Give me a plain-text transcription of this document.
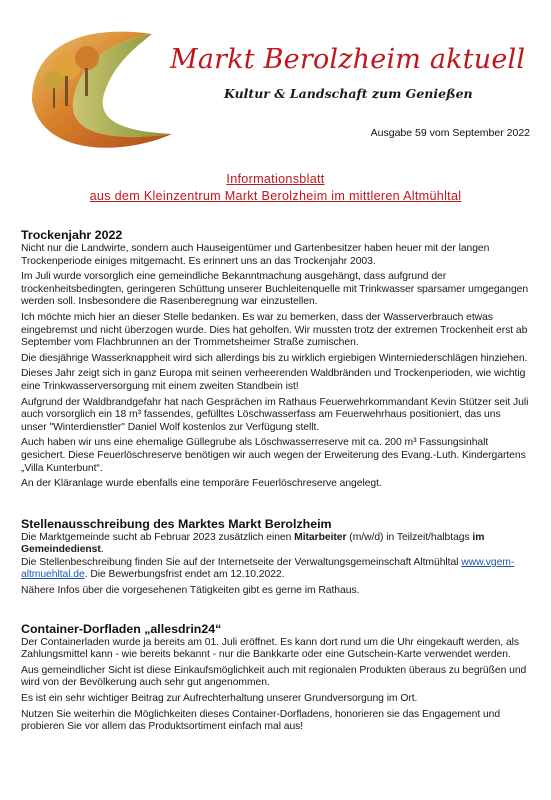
Markt Berolzheim aktuell
Kultur & Landschaft zum Genießen
Ausgabe 59 vom September 2022
Informationsblatt
aus dem Kleinzentrum Markt Berolzheim im mittleren Altmühltal
Trockenjahr 2022

Nicht nur die Landwirte, sondern auch Hauseigentümer und Gartenbesitzer haben heuer mit der langen Trockenperiode einiges mitgemacht. Es erinnert uns an das Trockenjahr 2003.

Im Juli wurde vorsorglich eine gemeindliche Bekanntmachung ausgehängt, dass aufgrund der trockenheitsbedingten, geringeren Schüttung unserer Buchleitenquelle mit Trinkwasser sparsamer umgegangen werden soll. Insbesondere die Rasenberegnung war einzustellen.

Ich möchte mich hier an dieser Stelle bedanken. Es war zu bemerken, dass der Wasserverbrauch etwas eingebremst und nicht überzogen wurde. Dies hat geholfen. Wir mussten trotz der extremen Trockenheit erst ab September vom Flachbrunnen an der Trommetsheimer Straße zumischen.

Die diesjährige Wasserknappheit wird sich allerdings bis zu wirklich ergiebigen Winterniederschlägen hinziehen.

Dieses Jahr zeigt sich in ganz Europa mit seinen verheerenden Waldbränden und Trockenperioden, wie wichtig eine Trinkwasserversorgung mit einem zweiten Standbein ist!

Aufgrund der Waldbrandgefahr hat nach Gesprächen im Rathaus Feuerwehrkommandant Kevin Stützer seit Juli auch vorsorglich ein 18 m³ fassendes, gefülltes Löschwasserfass am Feuerwehrhaus positioniert, das uns unser "Winterdienstler" Daniel Wolf kostenlos zur Verfügung stellt.

Auch haben wir uns eine ehemalige Güllegrube als Löschwasserreserve mit ca. 200 m³ Fassungsinhalt gesichert. Diese Feuerlöschreserve benötigen wir auch wegen der Erweiterung des Evang.-Luth. Kindergartens „Villa Kunterbunt“.

An der Kläranlage wurde ebenfalls eine temporäre Feuerlöschreserve angelegt.

Stellenausschreibung des Marktes Markt Berolzheim

Die Marktgemeinde sucht ab Februar 2023 zusätzlich einen Mitarbeiter (m/w/d) in Teilzeit/halbtags im Gemeindedienst.

Die Stellenbeschreibung finden Sie auf der Internetseite der Verwaltungsgemeinschaft Altmühltal www.vgem-altmuehltal.de. Die Bewerbungsfrist endet am 12.10.2022.

Nähere Infos über die vorgesehenen Tätigkeiten gibt es gerne im Rathaus.

Container-Dorfladen „allesdrin24“

Der Containerladen wurde ja bereits am 01. Juli eröffnet. Es kann dort rund um die Uhr eingekauft werden, als Zahlungsmittel kann - wie bereits bekannt - nur die Bankkarte oder eine Gutschein-Karte verwendet werden.

Aus gemeindlicher Sicht ist diese Einkaufsmöglichkeit auch mit regionalen Produkten überaus zu begrüßen und wird von der Bevölkerung auch sehr gut angenommen.

Es ist ein sehr wichtiger Beitrag zur Aufrechterhaltung unserer Grundversorgung im Ort.

Nutzen Sie weiterhin die Möglichkeiten dieses Container-Dorfladens, honorieren sie das Engagement und probieren Sie vor allem das Produktsortiment einfach mal aus!
